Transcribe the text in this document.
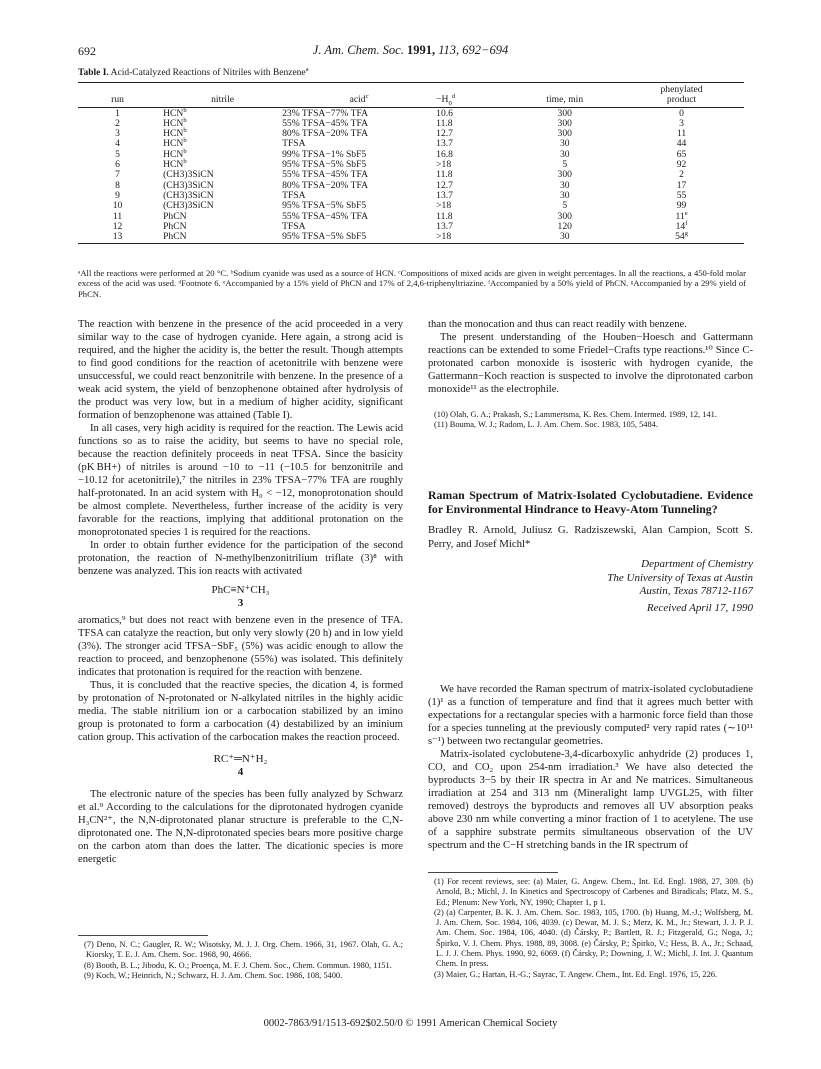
692	J. Am. Chem. Soc. 1991, 113, 692−694
Table I. Acid-Catalyzed Reactions of Nitriles with Benzene$^a$
					phenylated
run	nitrile	acid$^c$	$-H_0^d$	time, min	product
1	HCN$^b$	23% TFSA−77% TFA	10.6	300	0
2	HCN$^b$	55% TFSA−45% TFA	11.8	300	3
3	HCN$^b$	80% TFSA−20% TFA	12.7	300	11
4	HCN$^b$	TFSA	13.7	30	44
5	HCN$^b$	99% TFSA−1% SbF5	16.8	30	65
6	HCN$^b$	95% TFSA−5% SbF5	>18	5	92
7	(CH3)3SiCN	55% TFSA−45% TFA	11.8	300	2
8	(CH3)3SiCN	80% TFSA−20% TFA	12.7	30	17
9	(CH3)3SiCN	TFSA	13.7	30	55
10	(CH3)3SiCN	95% TFSA−5% SbF5	>18	5	99
11	PhCN	55% TFSA−45% TFA	11.8	300	11e
12	PhCN	TFSA	13.7	120	14$^f$
13	PhCN	95% TFSA−5% SbF5	>18	30	54$^g$
ᵃAll the reactions were performed at 20 °C. ᵇSodium cyanide was used as a source of HCN. ᶜCompositions of mixed acids are given in weight percentages. In all the reactions, a 450-fold molar excess of the acid was used. ᵈFootnote 6. ᵉAccompanied by a 15% yield of PhCN and 17% of 2,4,6-triphenyltriazine. ᶠAccompanied by a 50% yield of PhCN. ᵍAccompanied by a 29% yield of PhCN.

The reaction with benzene in the presence of the acid proceeded in a very similar way to the case of hydrogen cyanide. Here again, a strong acid is required, and the higher the acidity is, the better the result. Though attempts to find good conditions for the reaction of acetonitrile with benzene were unsuccessful, we could react benzonitrile with benzene. In the presence of a weak acid system, the yield of benzophenone obtained after hydrolysis of the product was very low, but in a medium of higher acidity, significant formation of benzophenone was attained (Table I).

In all cases, very high acidity is required for the reaction. The Lewis acid functions so as to raise the acidity, but seems to have no special role, because the reaction definitely proceeds in neat TFSA. Since the basicity (pK BH+) of nitriles is around −10 to −11 (−10.5 for benzonitrile and −10.12 for acetonitrile),⁷ the nitriles in 23% TFSA−77% TFA are roughly half-protonated. In an acid system with H₀ < −12, monoprotonation should be almost complete. Nevertheless, further increase of the acidity is very favorable for the reactions, implying that additional protonation on the monoprotonated species 1 is required for the reactions.

In order to obtain further evidence for the participation of the second protonation, the reaction of N-methylbenzonitrilium triflate (3)⁸ with benzene was analyzed. This ion reacts with activated

PhC≡N⁺CH₃
3

aromatics,⁹ but does not react with benzene even in the presence of TFA. TFSA can catalyze the reaction, but only very slowly (20 h) and in low yield (3%). The stronger acid TFSA−SbF₅ (5%) was acidic enough to allow the reaction to proceed, and benzophenone (55%) was isolated. This definitely indicates that protonation is required for the reaction with benzene.

Thus, it is concluded that the reactive species, the dication 4, is formed by protonation of N-protonated or N-alkylated nitriles in the highly acidic media. The stable nitrilium ion or a carbocation stabilized by an imino group is protonated to form a carbocation (4) destabilized by an iminium cation group. This activation of the carbocation makes the reaction proceed.

RC⁺═N⁺H₂
4

The electronic nature of the species has been fully analyzed by Schwarz et al.⁹ According to the calculations for the diprotonated hydrogen cyanide H₃CN²⁺, the N,N-diprotonated planar structure is preferable to the C,N-diprotonated one. The N,N-diprotonated species bears more positive charge on the carbon atom than does the latter. The dicationic species is more energetic

(7) Deno, N. C.; Gaugler, R. W.; Wisotsky, M. J. J. Org. Chem. 1966, 31, 1967. Olah, G. A.; Kiorsky, T. E. J. Am. Chem. Soc. 1968, 90, 4666.

(8) Booth, B. L.; Jibodu, K. O.; Proença, M. F. J. Chem. Soc., Chem. Commun. 1980, 1151.

(9) Koch, W.; Heinrich, N.; Schwarz, H. J. Am. Chem. Soc. 1986, 108, 5400.

than the monocation and thus can react readily with benzene.

The present understanding of the Houben−Hoesch and Gattermann reactions can be extended to some Friedel−Crafts type reactions.¹⁰ Since C-protonated carbon monoxide is isosteric with hydrogen cyanide, the Gattermann−Koch reaction is suspected to involve the diprotonated carbon monoxide¹¹ as the electrophile.

(10) Olah, G. A.; Prakash, S.; Lammertsma, K. Res. Chem. Intermed. 1989, 12, 141.

(11) Bouma, W. J.; Radom, L. J. Am. Chem. Soc. 1983, 105, 5484.

Raman Spectrum of Matrix-Isolated Cyclobutadiene. Evidence for Environmental Hindrance to Heavy-Atom Tunneling?
Bradley R. Arnold, Juliusz G. Radziszewski, Alan Campion, Scott S. Perry, and Josef Michl*
Department of Chemistry
The University of Texas at Austin
Austin, Texas 78712-1167
Received April 17, 1990

We have recorded the Raman spectrum of matrix-isolated cyclobutadiene (1)¹ as a function of temperature and find that it agrees much better with expectations for a rectangular species with a harmonic force field than those for a species tunneling at the previously computed² very rapid rates (∼10¹¹ s⁻¹) between two rectangular geometries.

Matrix-isolated cyclobutene-3,4-dicarboxylic anhydride (2) produces 1, CO, and CO₂ upon 254-nm irradiation.³ We have also detected the byproducts 3−5 by their IR spectra in Ar and Ne matrices. Simultaneous irradiation at 254 and 313 nm (Mineralight lamp UVGL25, with filter removed) destroys the byproducts and removes all UV absorption peaks above 230 nm while converting a minor fraction of 1 to acetylene. The use of a sapphire substrate permits simultaneous observation of the UV spectrum and the C−H stretching bands in the IR spectrum of

(1) For recent reviews, see: (a) Maier, G. Angew. Chem., Int. Ed. Engl. 1988, 27, 309. (b) Arnold, B.; Michl, J. In Kinetics and Spectroscopy of Carbenes and Biradicals; Platz, M. S., Ed.; Plenum: New York, NY, 1990; Chapter 1, p 1.

(2) (a) Carpenter, B. K. J. Am. Chem. Soc. 1983, 105, 1700. (b) Huang, M.-J.; Wolfsberg, M. J. Am. Chem. Soc. 1984, 106, 4039. (c) Dewar, M. J. S.; Merz, K. M., Jr.; Stewart, J. J. P. J. Am. Chem. Soc. 1984, 106, 4040. (d) Čársky, P.; Bartlett, R. J.; Fitzgerald, G.; Noga, J.; Špirko, V. J. Chem. Phys. 1988, 89, 3008. (e) Čársky, P.; Špirko, V.; Hess, B. A., Jr.; Schaad, L. J. J. Chem. Phys. 1990, 92, 6069. (f) Čársky, P.; Downing, J. W.; Michl, J. Int. J. Quantum Chem. In press.

(3) Maier, G.; Hartan, H.-G.; Sayrac, T. Angew. Chem., Int. Ed. Engl. 1976, 15, 226.

0002-7863/91/1513-692$02.50/0 © 1991 American Chemical Society
